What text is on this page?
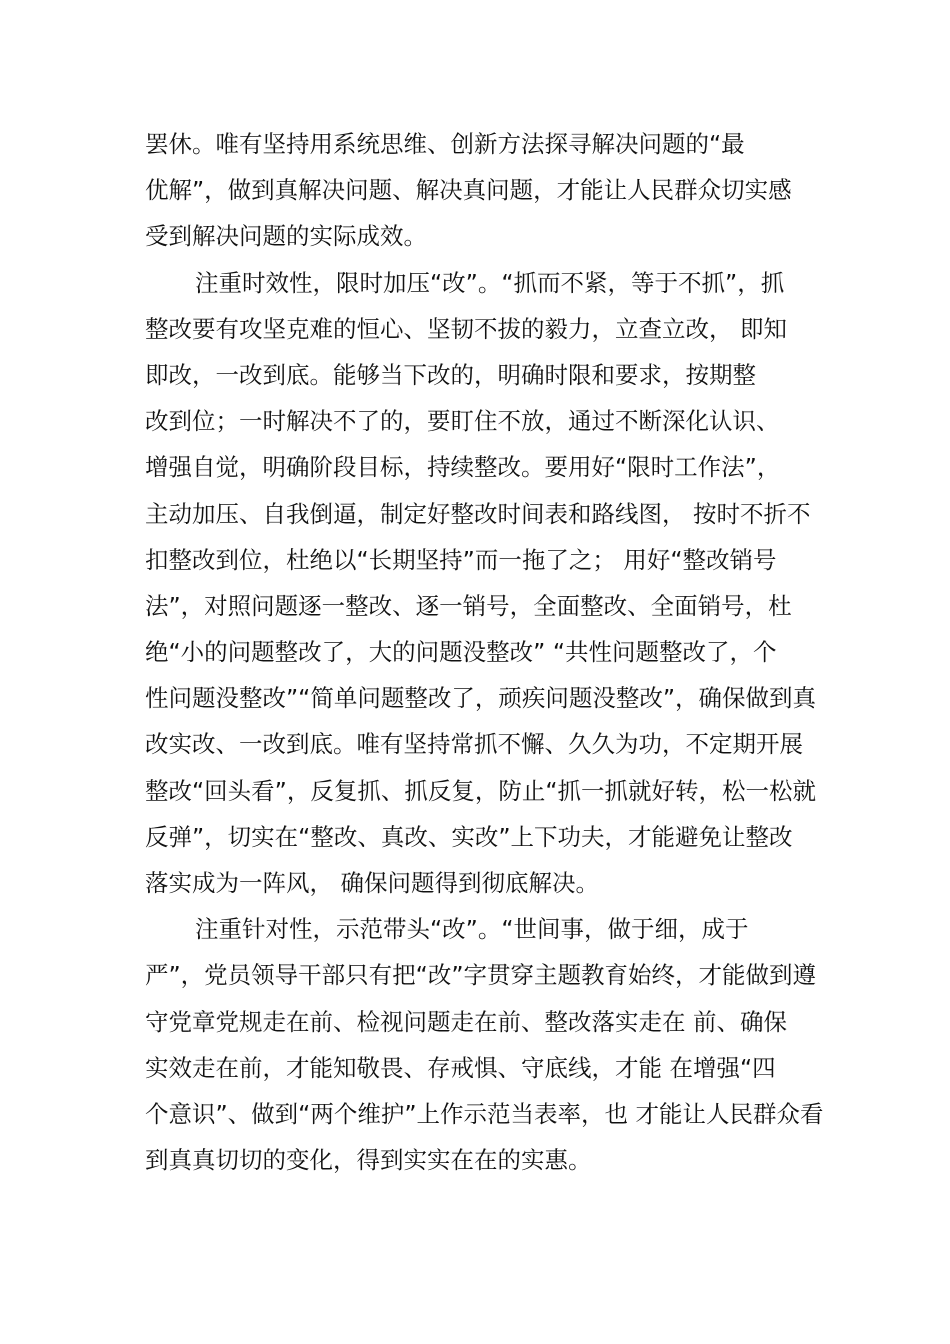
罢休。唯有坚持用系统思维、创新方法探寻解决问题的“最
优解”，做到真解决问题、解决真问题，才能让人民群众切实感
受到解决问题的实际成效。
注重时效性，限时加压“改”。“抓而不紧，等于不抓”，抓
整改要有攻坚克难的恒心、坚韧不拔的毅力，立查立改， 即知
即改，一改到底。能够当下改的，明确时限和要求，按期整
改到位；一时解决不了的，要盯住不放，通过不断深化认识、
增强自觉，明确阶段目标，持续整改。要用好“限时工作法”，
主动加压、自我倒逼，制定好整改时间表和路线图， 按时不折不
扣整改到位，杜绝以“长期坚持”而一拖了之； 用好“整改销号
法”，对照问题逐一整改、逐一销号，全面整改、全面销号，杜
绝“小的问题整改了，大的问题没整改” “共性问题整改了，个
性问题没整改”“简单问题整改了，顽疾问题没整改”，确保做到真
改实改、一改到底。唯有坚持常抓不懈、久久为功，不定期开展
整改“回头看”，反复抓、抓反复，防止“抓一抓就好转，松一松就
反弹”，切实在“整改、真改、实改”上下功夫，才能避免让整改
落实成为一阵风， 确保问题得到彻底解决。
注重针对性，示范带头“改”。“世间事，做于细，成于
严”，党员领导干部只有把“改”字贯穿主题教育始终，才能做到遵
守党章党规走在前、检视问题走在前、整改落实走在 前、确保
实效走在前，才能知敬畏、存戒惧、守底线，才能 在增强“四
个意识”、做到“两个维护”上作示范当表率，也 才能让人民群众看
到真真切切的变化，得到实实在在的实惠。
